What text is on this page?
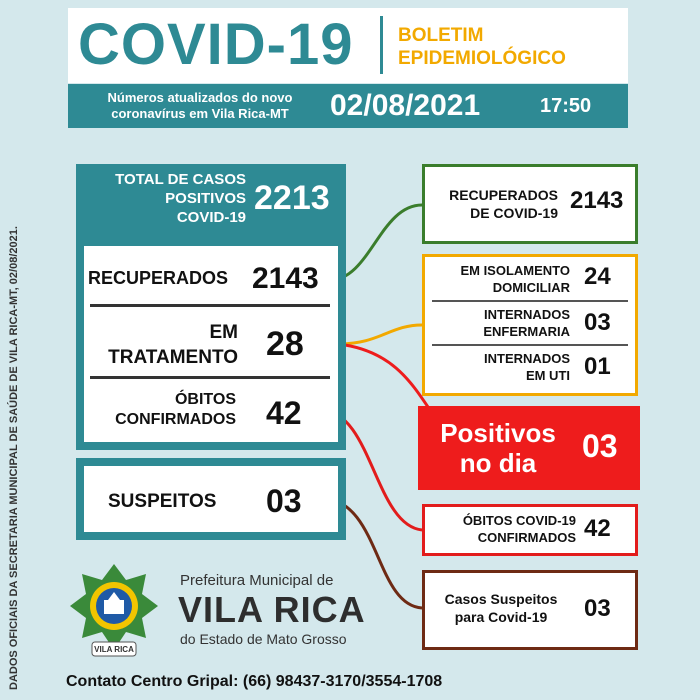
COVID-19 BOLETIM
EPIDEMIOLÓGICO
Números atualizados do novo
coronavírus em Vila Rica-MT	02/08/2021	17:50
TOTAL DE CASOS
POSITIVOS
COVID-19
2213
RECUPERADOS 2143
EM
TRATAMENTO 28
ÓBITOS
CONFIRMADOS 42
SUSPEITOS 03
RECUPERADOS
DE COVID-19 2143
EM ISOLAMENTO
DOMICILIAR 24
INTERNADOS
ENFERMARIA 03
INTERNADOS
EM UTI 01
Positivos
no dia	03
ÓBITOS COVID-19
CONFIRMADOS 42
Casos Suspeitos
para Covid-19	03
DADOS OFICIAIS DA SECRETARIA MUNICIPAL DE SAÚDE DE VILA RICA-MT, 02/08/2021.	VILA RICA
Prefeitura Municipal de
VILA RICA
do Estado de Mato Grosso
Contato Centro Gripal: (66) 98437-3170/3554-1708
